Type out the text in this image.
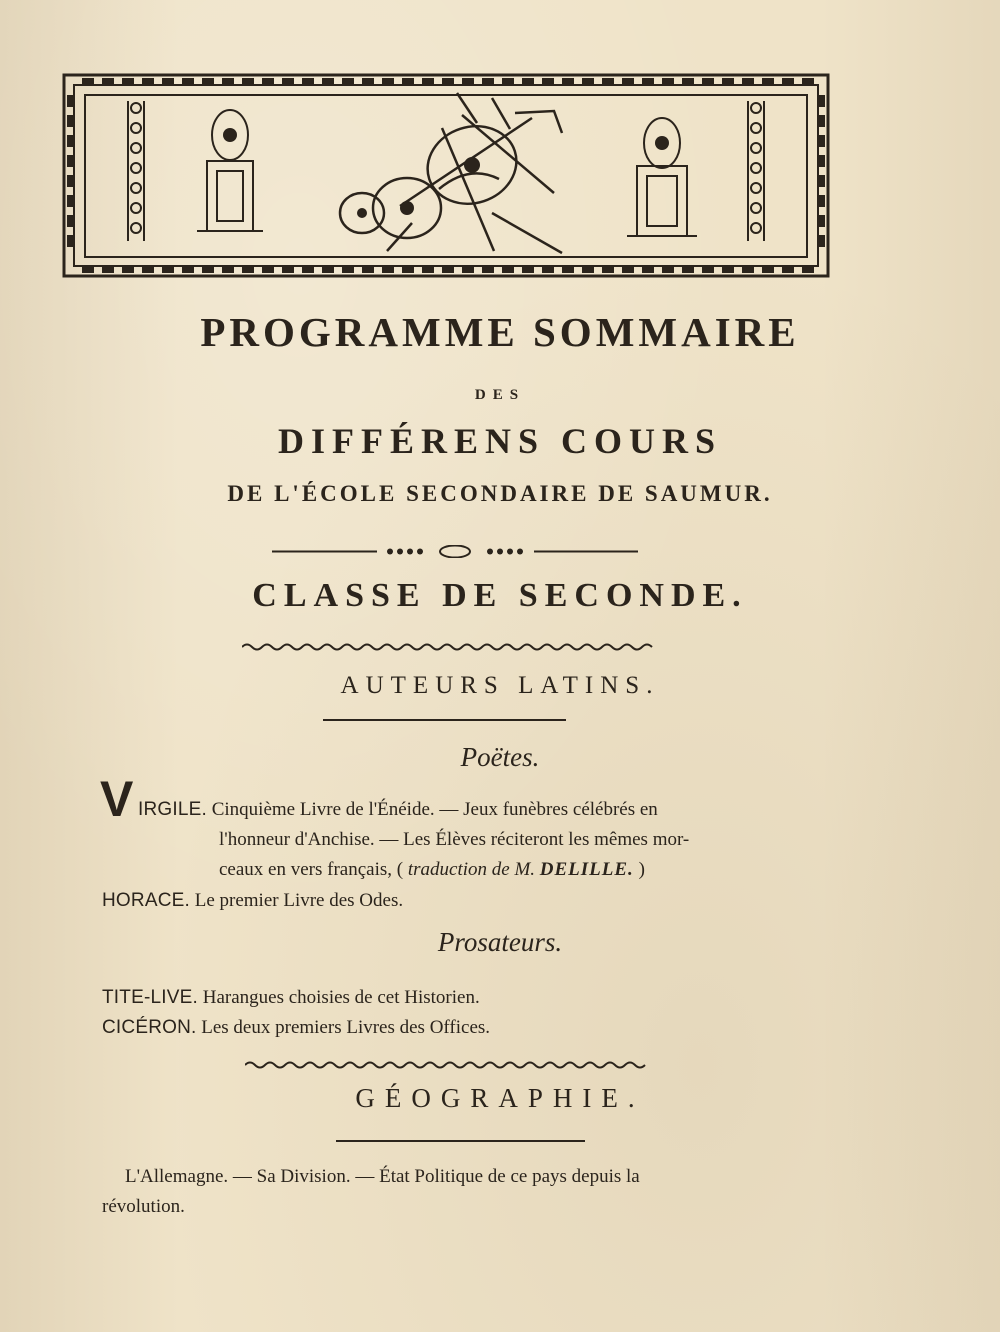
PROGRAMME SOMMAIRE
DES
DIFFÉRENS COURS
DE L'ÉCOLE SECONDAIRE DE SAUMUR.
CLASSE DE SECONDE.
AUTEURS LATINS.
Poëtes.
V IRGILE. Cinquième Livre de l'Énéide. — Jeux funèbres célébrés en
l'honneur d'Anchise. — Les Élèves réciteront les mêmes mor-
ceaux en vers français, ( traduction de M. DELILLE. )
HORACE. Le premier Livre des Odes.
Prosateurs.
TITE-LIVE. Harangues choisies de cet Historien.
CICÉRON. Les deux premiers Livres des Offices.
GÉOGRAPHIE.
L'Allemagne. — Sa Division. — État Politique de ce pays depuis la
révolution.
